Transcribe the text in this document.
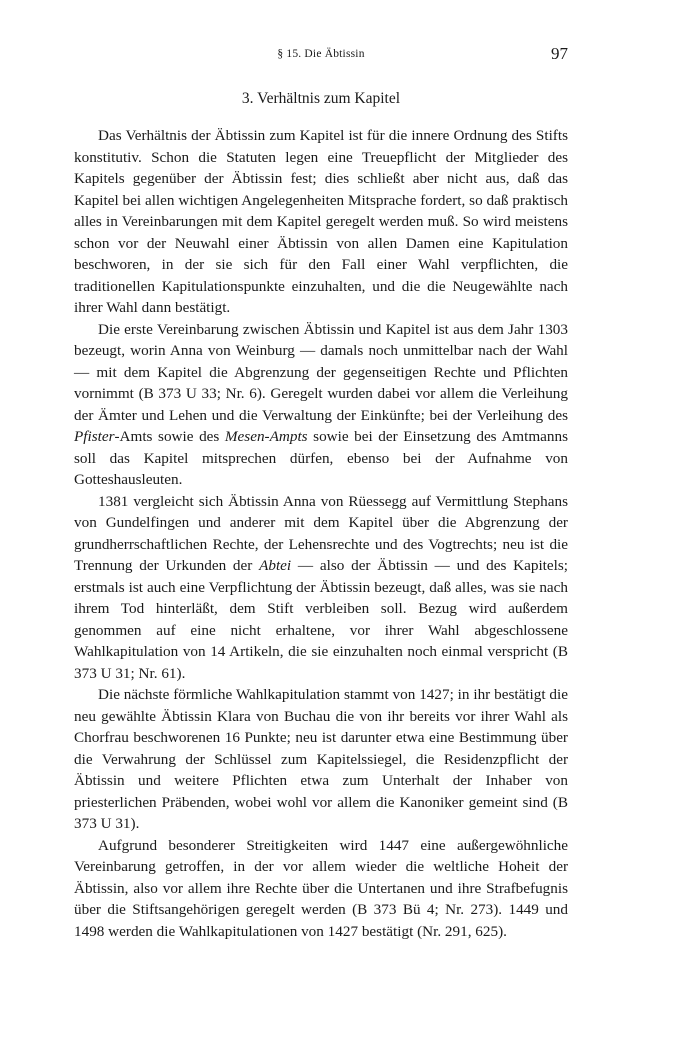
§ 15. Die Äbtissin	97
3. Verhältnis zum Kapitel

Das Verhältnis der Äbtissin zum Kapitel ist für die innere Ordnung des Stifts konstitutiv. Schon die Statuten legen eine Treuepflicht der Mitglieder des Kapitels gegenüber der Äbtissin fest; dies schließt aber nicht aus, daß das Kapitel bei allen wichtigen Angelegenheiten Mitsprache fordert, so daß praktisch alles in Vereinbarungen mit dem Kapitel geregelt werden muß. So wird meistens schon vor der Neuwahl einer Äbtissin von allen Damen eine Kapitulation beschworen, in der sie sich für den Fall einer Wahl verpflichten, die traditionellen Kapitulationspunkte einzuhalten, und die die Neugewählte nach ihrer Wahl dann bestätigt.

Die erste Vereinbarung zwischen Äbtissin und Kapitel ist aus dem Jahr 1303 bezeugt, worin Anna von Weinburg — damals noch unmittelbar nach der Wahl — mit dem Kapitel die Abgrenzung der gegenseitigen Rechte und Pflichten vornimmt (B 373 U 33; Nr. 6). Geregelt wurden dabei vor allem die Verleihung der Ämter und Lehen und die Verwaltung der Einkünfte; bei der Verleihung des Pfister-Amts sowie des Mesen-Ampts sowie bei der Einsetzung des Amtmanns soll das Kapitel mitsprechen dürfen, ebenso bei der Aufnahme von Gotteshausleuten.

1381 vergleicht sich Äbtissin Anna von Rüessegg auf Vermittlung Stephans von Gundelfingen und anderer mit dem Kapitel über die Abgrenzung der grundherrschaftlichen Rechte, der Lehensrechte und des Vogtrechts; neu ist die Trennung der Urkunden der Abtei — also der Äbtissin — und des Kapitels; erstmals ist auch eine Verpflichtung der Äbtissin bezeugt, daß alles, was sie nach ihrem Tod hinterläßt, dem Stift verbleiben soll. Bezug wird außerdem genommen auf eine nicht erhaltene, vor ihrer Wahl abgeschlossene Wahlkapitulation von 14 Artikeln, die sie einzuhalten noch einmal verspricht (B 373 U 31; Nr. 61).

Die nächste förmliche Wahlkapitulation stammt von 1427; in ihr bestätigt die neu gewählte Äbtissin Klara von Buchau die von ihr bereits vor ihrer Wahl als Chorfrau beschworenen 16 Punkte; neu ist darunter etwa eine Bestimmung über die Verwahrung der Schlüssel zum Kapitelssiegel, die Residenzpflicht der Äbtissin und weitere Pflichten etwa zum Unterhalt der Inhaber von priesterlichen Präbenden, wobei wohl vor allem die Kanoniker gemeint sind (B 373 U 31).

Aufgrund besonderer Streitigkeiten wird 1447 eine außergewöhnliche Vereinbarung getroffen, in der vor allem wieder die weltliche Hoheit der Äbtissin, also vor allem ihre Rechte über die Untertanen und ihre Strafbefugnis über die Stiftsangehörigen geregelt werden (B 373 Bü 4; Nr. 273). 1449 und 1498 werden die Wahlkapitulationen von 1427 bestätigt (Nr. 291, 625).
